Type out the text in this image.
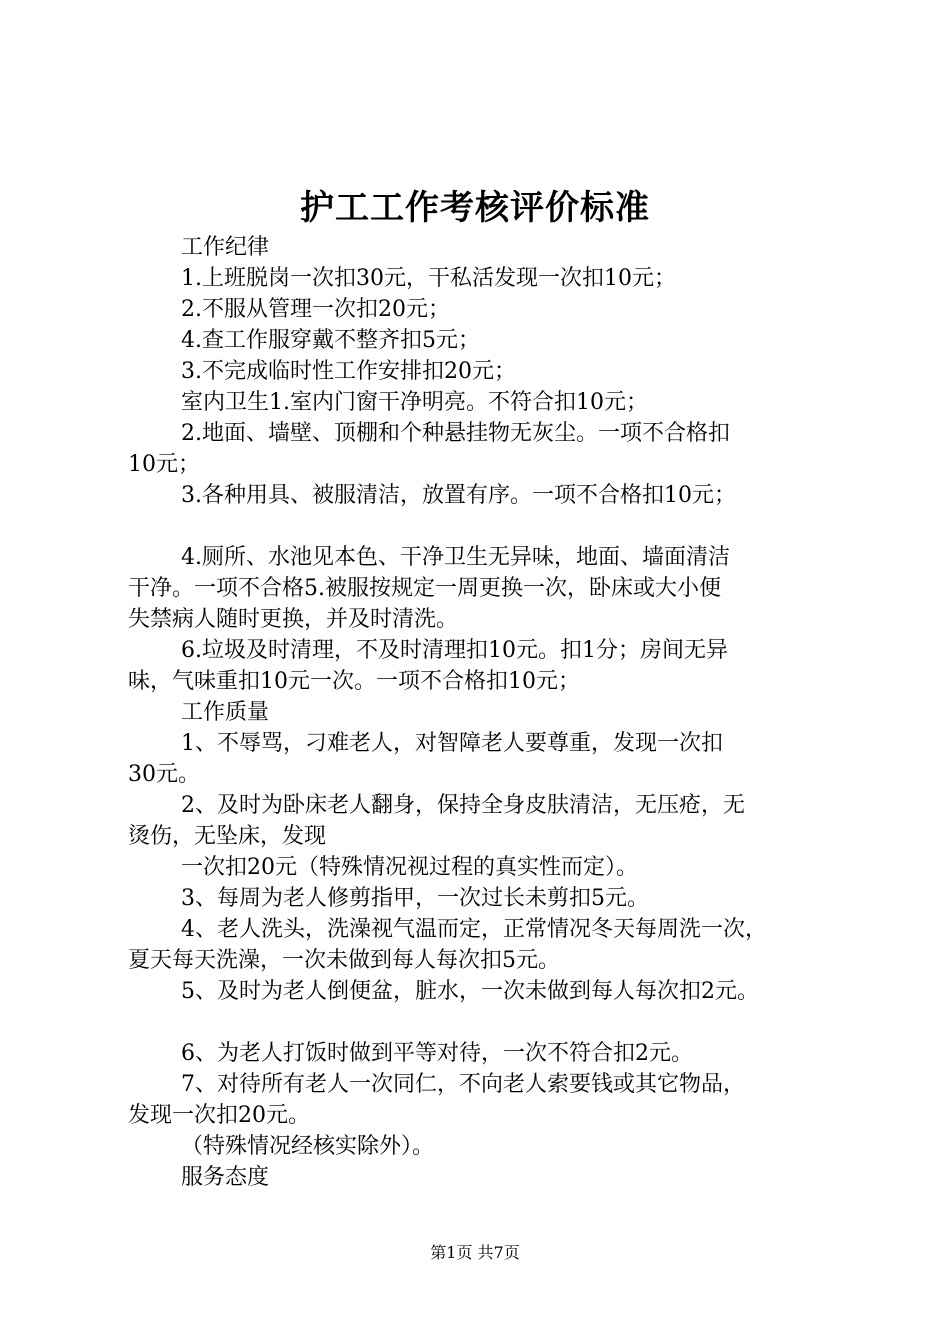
护工工作考核评价标准
工作纪律
1.上班脱岗一次扣30元，干私活发现一次扣10元；
2.不服从管理一次扣20元；
4.查工作服穿戴不整齐扣5元；
3.不完成临时性工作安排扣20元；
室内卫生1.室内门窗干净明亮。不符合扣10元；
2.地面、墙壁、顶棚和个种悬挂物无灰尘。一项不合格扣
10元；
3.各种用具、被服清洁，放置有序。一项不合格扣10元；
4.厕所、水池见本色、干净卫生无异味，地面、墙面清洁
干净。一项不合格5.被服按规定一周更换一次，卧床或大小便
失禁病人随时更换，并及时清洗。
6.垃圾及时清理，不及时清理扣10元。扣1分；房间无异
味，气味重扣10元一次。一项不合格扣10元；
工作质量
1、不辱骂，刁难老人，对智障老人要尊重，发现一次扣
30元。
2、及时为卧床老人翻身，保持全身皮肤清洁，无压疮，无
烫伤，无坠床，发现
一次扣20元（特殊情况视过程的真实性而定）。
3、每周为老人修剪指甲，一次过长未剪扣5元。
4、老人洗头，洗澡视气温而定，正常情况冬天每周洗一次，
夏天每天洗澡，一次未做到每人每次扣5元。
5、及时为老人倒便盆，脏水，一次未做到每人每次扣2元。
6、为老人打饭时做到平等对待，一次不符合扣2元。
7、对待所有老人一次同仁，不向老人索要钱或其它物品，
发现一次扣20元。
（特殊情况经核实除外）。
服务态度
第1页 共7页
